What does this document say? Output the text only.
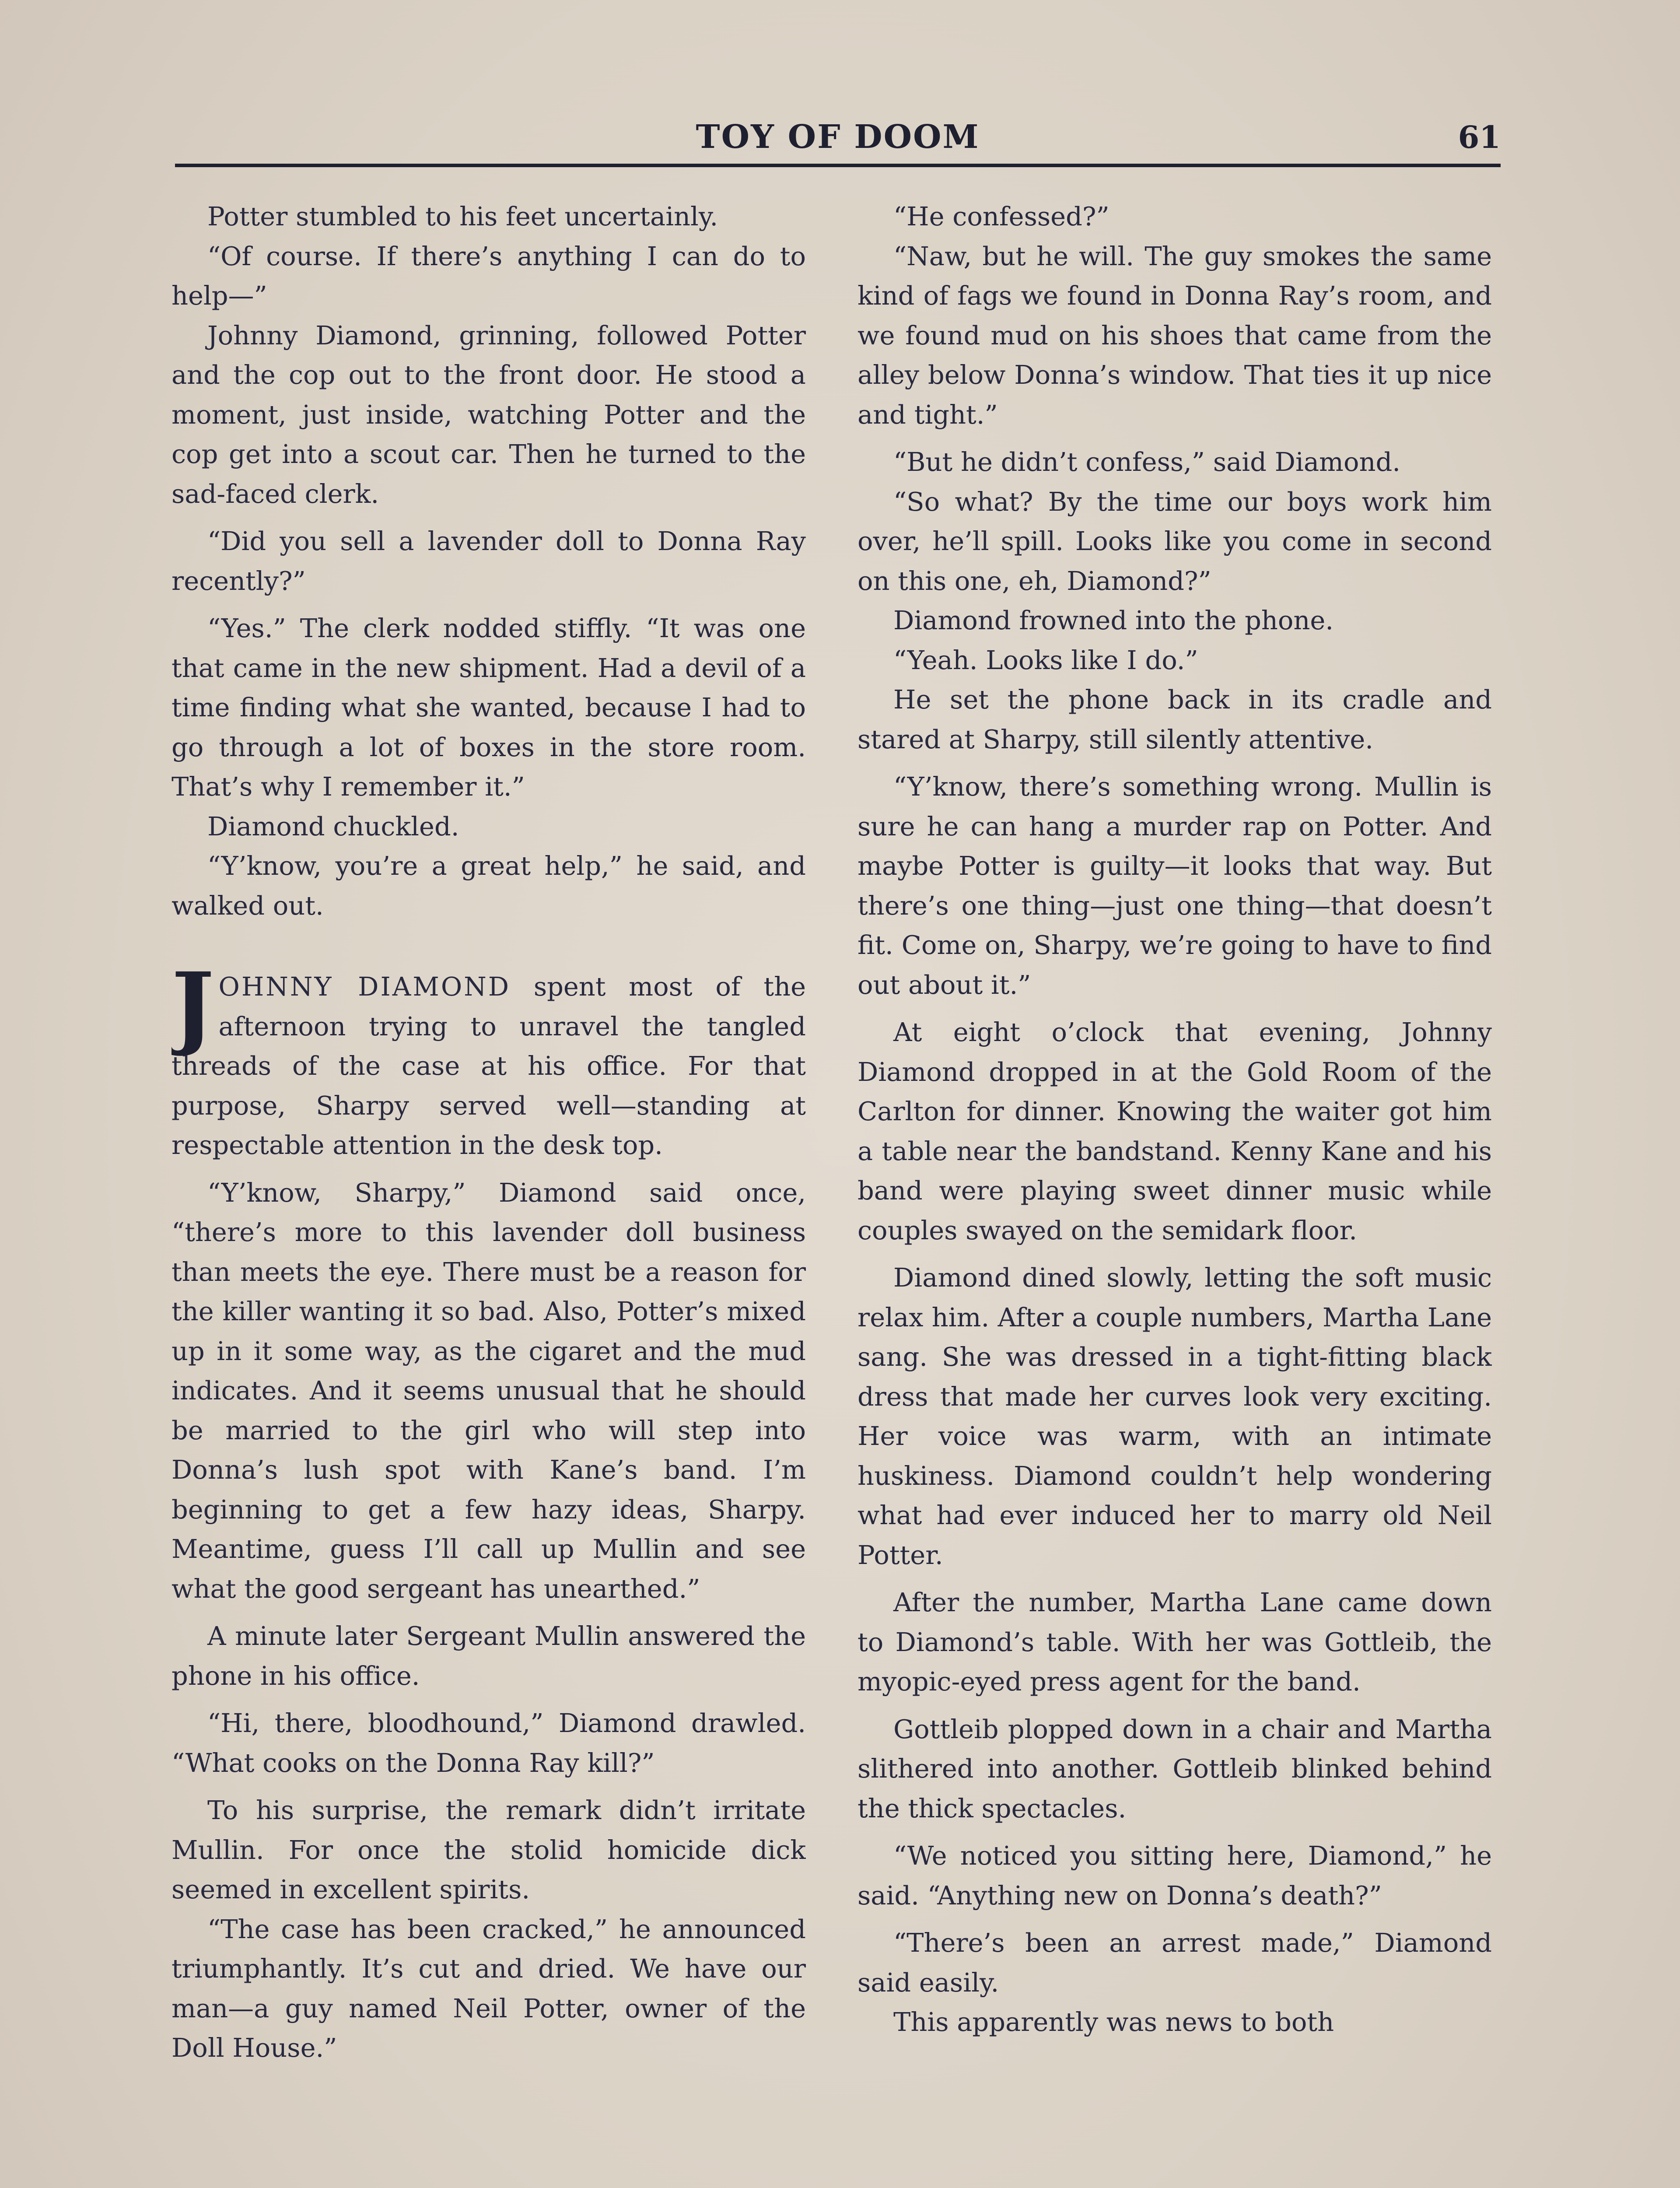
TOY OF DOOM	61

Potter stumbled to his feet uncertainly.

“Of course. If there’s anything I can do to help—”

Johnny Diamond, grinning, followed Potter and the cop out to the front door. He stood a moment, just inside, watching Potter and the cop get into a scout car. Then he turned to the sad-faced clerk.

“Did you sell a lavender doll to Donna Ray recently?”

“Yes.” The clerk nodded stiffly. “It was one that came in the new shipment. Had a devil of a time finding what she wanted, because I had to go through a lot of boxes in the store room. That’s why I remember it.”

Diamond chuckled.

“Y’know, you’re a great help,” he said, and walked out.

JOHNNY DIAMOND spent most of the afternoon trying to unravel the tangled threads of the case at his office. For that purpose, Sharpy served well—standing at respectable attention in the desk top.

“Y’know, Sharpy,” Diamond said once, “there’s more to this lavender doll business than meets the eye. There must be a reason for the killer wanting it so bad. Also, Potter’s mixed up in it some way, as the cigaret and the mud indicates. And it seems unusual that he should be married to the girl who will step into Donna’s lush spot with Kane’s band. I’m beginning to get a few hazy ideas, Sharpy. Meantime, guess I’ll call up Mullin and see what the good sergeant has unearthed.”

A minute later Sergeant Mullin answered the phone in his office.

“Hi, there, bloodhound,” Diamond drawled. “What cooks on the Donna Ray kill?”

To his surprise, the remark didn’t irritate Mullin. For once the stolid homicide dick seemed in excellent spirits.

“The case has been cracked,” he announced triumphantly. It’s cut and dried. We have our man—a guy named Neil Potter, owner of the Doll House.”

“He confessed?”

“Naw, but he will. The guy smokes the same kind of fags we found in Donna Ray’s room, and we found mud on his shoes that came from the alley below Donna’s window. That ties it up nice and tight.”

“But he didn’t confess,” said Diamond.

“So what? By the time our boys work him over, he’ll spill. Looks like you come in second on this one, eh, Diamond?”

Diamond frowned into the phone.

“Yeah. Looks like I do.”

He set the phone back in its cradle and stared at Sharpy, still silently attentive.

“Y’know, there’s something wrong. Mullin is sure he can hang a murder rap on Potter. And maybe Potter is guilty—it looks that way. But there’s one thing—just one thing—that doesn’t fit. Come on, Sharpy, we’re going to have to find out about it.”

At eight o’clock that evening, Johnny Diamond dropped in at the Gold Room of the Carlton for dinner. Knowing the waiter got him a table near the bandstand. Kenny Kane and his band were playing sweet dinner music while couples swayed on the semidark floor.

Diamond dined slowly, letting the soft music relax him. After a couple numbers, Martha Lane sang. She was dressed in a tight-fitting black dress that made her curves look very exciting. Her voice was warm, with an intimate huskiness. Diamond couldn’t help wondering what had ever induced her to marry old Neil Potter.

After the number, Martha Lane came down to Diamond’s table. With her was Gottleib, the myopic-eyed press agent for the band.

Gottleib plopped down in a chair and Martha slithered into another. Gottleib blinked behind the thick spectacles.

“We noticed you sitting here, Diamond,” he said. “Anything new on Donna’s death?”

“There’s been an arrest made,” Diamond said easily.

This apparently was news to both
